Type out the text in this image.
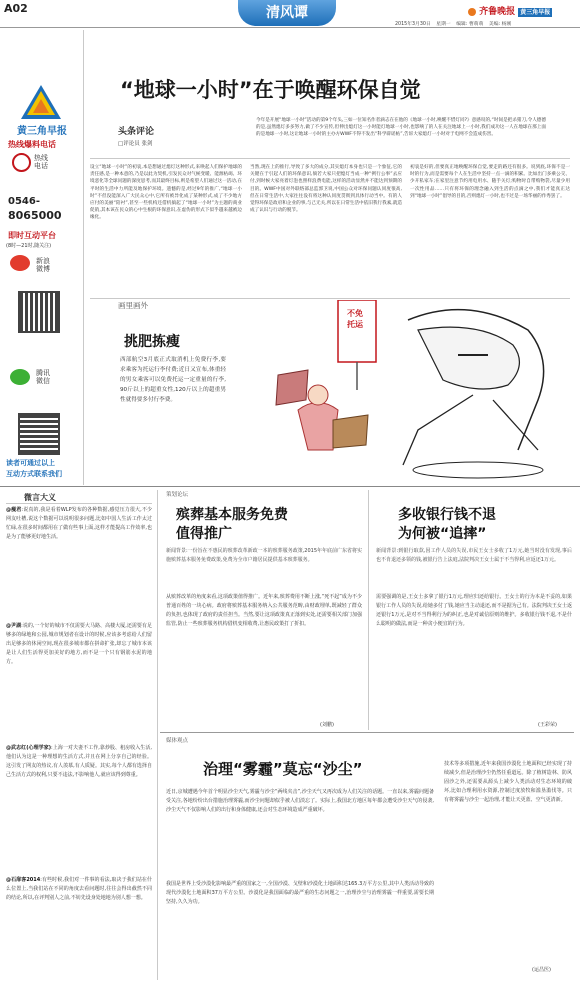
A02	清风谭	齐鲁晚报 黄三角早报
2015年3月30日 星期一 编辑: 曹萌萌 美编: 杨刚
黄三角早报
热线爆料电话
热线电话
0546-
8065000
即时互动平台
(8时—21时,随关注)
新浪微博
腾讯微信
读者可通过以上
互动方式联系我们
“地球一小时”在于唤醒环保自觉
头条评论
□评论员 张剑
今年是开展“地球一小时”活动的第9个年头,三如一位知名作者滴志在在他的《地球一小时,唤醒不惜灯同?》意感叹的,“时间是把杀猪刀,令人德德的是,虽然熄灯多多努力,做了不少宣传,但伸出熄灯这一小时能灯地球一小时,也影响了的人在关注地球上一小时,我们成功这一人在地球在那上面的是地球一小时,这让地球一小时的主办方WWF不得不发出“科学辟谣帖”,告诉大家熄灯一小时对于电网不会造成伤害。
设立“地球一小时”的初衷,本是想通过熄灯这种形式,来唤起人们保护地球的责任感,是一种本意的,乃是以此为契机,引发民众对气候变暖、能源枯竭、环境恶化等全球问题的深度思考,而其最终目标,则是希望人们通过这一活动,在平时的生活中力所能及地保护环境。遗憾的是,经过9年的推广,“地球一小时”不但没能深入广大民众心中,它所有被异化成了某种形式,成了不少地方应付的美丽“陪衬”,甚至一些机构还借机搞起了“地球一小时”为主题的商业促销,其本该在民众的心中生根的环保意识,在虚伪的形式下似乎越来越被边缘化。
当然,现在上的推行,导致了多大的成分,其实熄灯本身也只是一个象征,它的关键在于引起人们的环保意识,倘若大家只把熄灯当成一种“例行公事”去应付,到时候大家亮着灯泡也照样浪费电能,这样的活动显然并不能达到预期的目的。WWF中国对外联络部总监郭卫说,中国公众对环保问题认同度很高,但在日常生活中,大家往往没有将这种认同度贯彻到具体行动当中。有的人觉得环保是政府和企业的事,与己无关,所以在日常生活中依旧我行我素,就造成了认识与行动的脱节。
初衷是好的,但要真正地唤醒环保自觉,要走的路还有很多。说到底,环保不是一时的行为,而是需要每个人在生活中坚持一点一滴的积累。比如出门多乘公交、少开私家车;在家里注意节约用电用水、随手关灯;购物时自带购物袋,尽量少用一次性用品……只有将环保的理念融入到生活的点滴之中,我们才能真正达到“地球一小时”倡导的目的,否则熄灯一小时,也不过是一场华丽的作秀罢了。
画里画外
挑肥拣瘦
西部航空3月底正式取消机上免费行李,要求乘客为托运行李付费;近日又宣布,体重轻的男女乘客可以免费托运一定重量的行李,90斤以上的超重女性,120斤以上的超重男性就得要多付行李费。
不免托运
微言大义
@瘦君:说真的,我是看着WLP发布的各种数据,感觉压力很大,不少网友吐槽,说这个数据可以说明很多问题,比如中国人生活工作太过忙碌,在很多时间都用在了做有些事上面,这样才能提高工作效率,也是为了能够更好地生活。
@尹湖:说的,一个好的城市不仅需要大马路、高楼大厦,还需要有足够多的绿地和公园,城市规划者在设计的时候,应该多考虑给人们留出足够多的休闲空间,现在很多城市都在拼命扩张,却忘了城市本该是让人们生活得更加美好的地方,而不是一个只有钢筋水泥的地方。
@武志红(心理学家):上海一对夫妻不工作,靠炒股、租房收入生活,他们认为这是一种理想的生活方式,并且在网上分享自己的经验。这引发了网友的热议,有人羡慕,有人质疑。其实,每个人都有选择自己生活方式的权利,只要不违法,不影响他人,就应该得到尊重。
@石扉客2014:有些时候,我们对一件事的看法,取决于我们站在什么位置上,当我们站在不同的角度去看问题时,往往会得出截然不同的结论,所以,在评判别人之前,不妨先设身处地地为别人想一想。
策划论坛
殡葬基本服务免费
值得推广
新闻背景:一份旨在不惠民的殡葬改革新政一本的殡葬服务政策,2015年年底前广东省将实施殡葬基本服务免费政策,免费为全市户籍居民提供基本殡葬服务。
从殡葬改革的角度来看,这项政策值得推广。近年来,殡葬费用不断上涨,“死不起”成为不少普通百姓的一块心病。政府将殡葬基本服务纳入公共服务范畴,由财政埋单,既减轻了群众的负担,也体现了政府的责任担当。当然,要让这项政策真正落到实处,还需要相关部门加强监管,防止一些殡葬服务机构借机变相收费,让惠民政策打了折扣。
(刘鹏)
多收银行钱不退
为何被“追摔”
新闻背景:到银行取款,因工作人员的失误,市民王女士多收了1万元,她当时没有发现,事后也不肯退还多领的钱,被银行告上法庭,法院判决王女士属于不当得利,应返还1万元。
需要强调的是,王女士多拿了银行1万元,理应归还给银行。王女士的行为本是不妥的,如果银行工作人员的失误,给她多付了钱,她应当主动退还,而不是据为己有。法院判决王女士返还银行1万元,是对不当得利行为的纠正,也是对诚信原则的维护。多收银行钱不退,不是什么聪明的做法,而是一种贪小便宜的行为。
(王彩荣)
媒体观点
治理“雾霾”莫忘“沙尘”
近日,京城遭遇今年首个明显沙尘天气,雾霾与沙尘“两线夹击”,沙尘天气又再次成为人们关注的话题。一直以来,雾霾问题备受关注,各地纷纷出台措施治理雾霾,而沙尘问题却似乎被人们淡忘了。实际上,我国北方地区每年都会遭受沙尘天气的侵袭,沙尘天气不仅影响人们的出行和身体健康,还会对生态环境造成严重破坏。
我国是世界上受沙漠化影响最严重的国家之一,全国沙漠、戈壁和沙漠化土地面积达165.3万平方公里,其中人类活动导致的现代沙漠化土地面积37万平方公里。沙漠化是我国面临的最严重的生态问题之一,治理沙尘与治理雾霾一样重要,需要长期坚持,久久为功。
技术等多项措施,近年来我国沙漠化土地面积已经实现了持续减少,但是治理沙尘仍然任重道远。除了植树造林、防风固沙之外,还需要从源头上减少人类活动对生态环境的破坏,比如合理利用水资源,控制过度放牧和滥垦滥伐等。只有将雾霾与沙尘一起治理,才能让天更蓝、空气更清新。
(运昌医)
